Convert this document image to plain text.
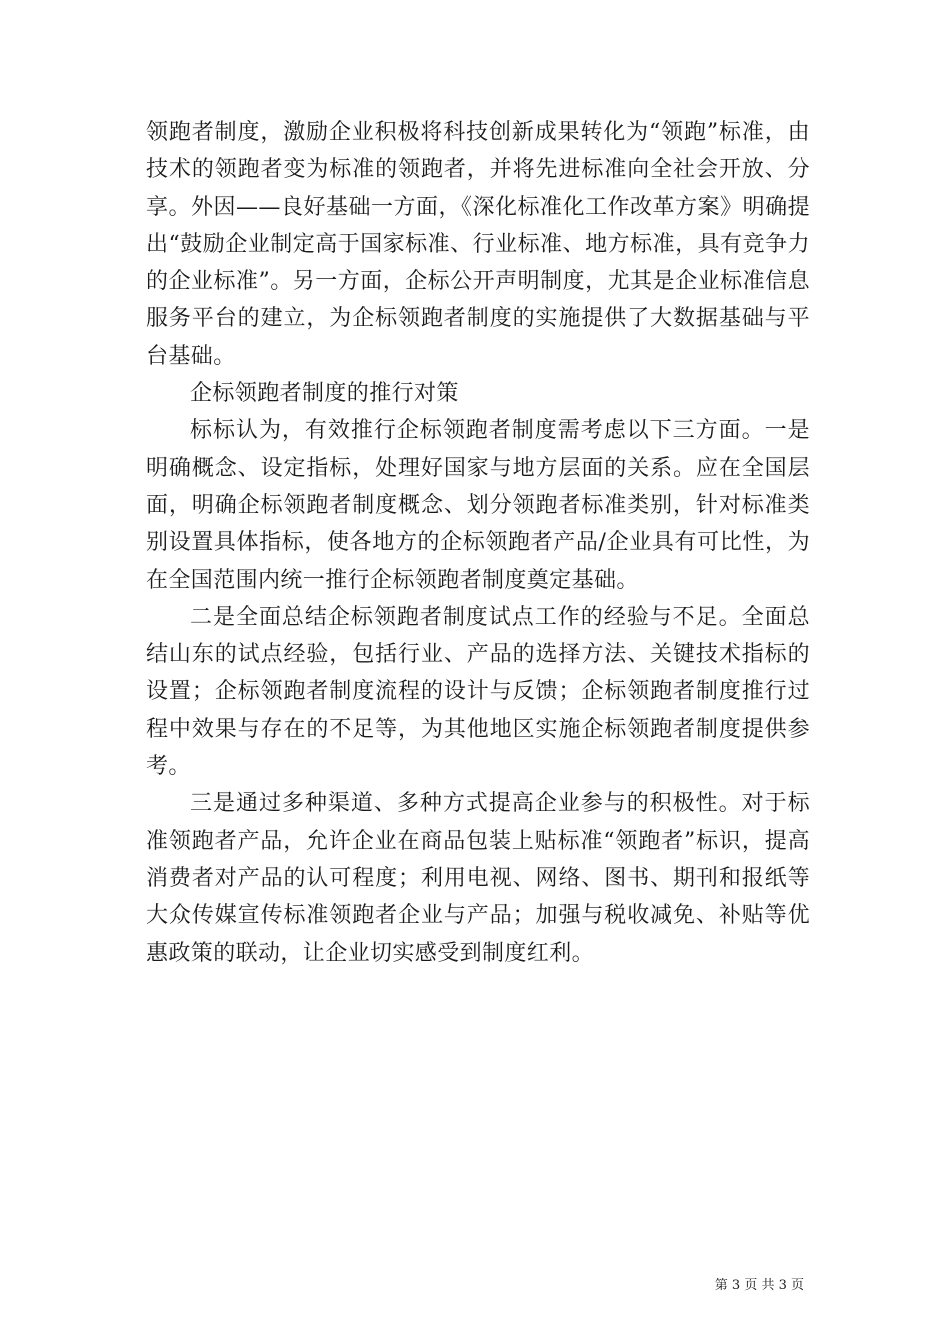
领跑者制度，激励企业积极将科技创新成果转化为“领跑”标准，由技术的领跑者变为标准的领跑者，并将先进标准向全社会开放、分享。外因——良好基础一方面，《深化标准化工作改革方案》明确提出“鼓励企业制定高于国家标准、行业标准、地方标准，具有竞争力的企业标准”。另一方面，企标公开声明制度，尤其是企业标准信息服务平台的建立，为企标领跑者制度的实施提供了大数据基础与平台基础。

企标领跑者制度的推行对策

标标认为，有效推行企标领跑者制度需考虑以下三方面。一是明确概念、设定指标，处理好国家与地方层面的关系。应在全国层面，明确企标领跑者制度概念、划分领跑者标准类别，针对标准类别设置具体指标，使各地方的企标领跑者产品/企业具有可比性，为在全国范围内统一推行企标领跑者制度奠定基础。

二是全面总结企标领跑者制度试点工作的经验与不足。全面总结山东的试点经验，包括行业、产品的选择方法、关键技术指标的设置；企标领跑者制度流程的设计与反馈；企标领跑者制度推行过程中效果与存在的不足等，为其他地区实施企标领跑者制度提供参考。

三是通过多种渠道、多种方式提高企业参与的积极性。对于标准领跑者产品，允许企业在商品包装上贴标准“领跑者”标识，提高消费者对产品的认可程度；利用电视、网络、图书、期刊和报纸等大众传媒宣传标准领跑者企业与产品；加强与税收减免、补贴等优惠政策的联动，让企业切实感受到制度红利。

第 3 页 共 3 页
